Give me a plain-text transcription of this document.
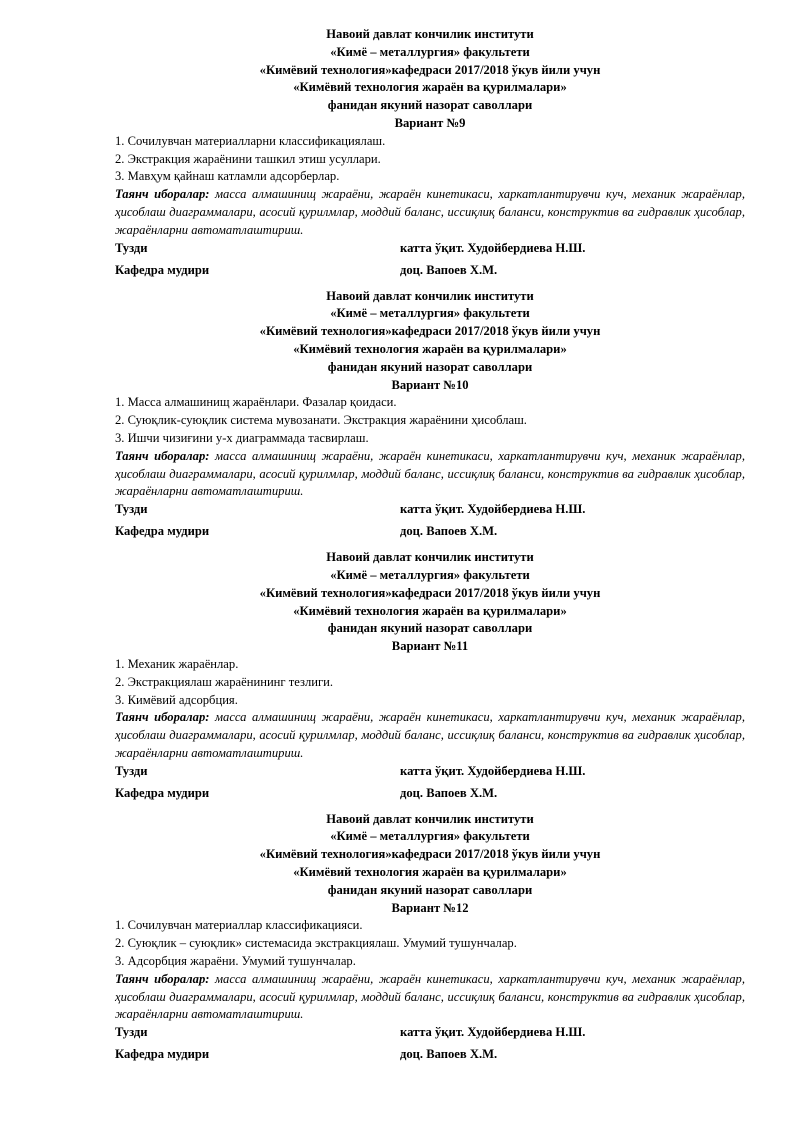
Навоий давлат кончилик институти
«Кимё – металлургия» факультети
«Кимёвий технология»кафедраси 2017/2018 ўкув йили учун
«Кимёвий технология жараён ва қурилмалари»
фанидан якуний назорат саволлари
Вариант №9
1. Сочилувчан материалларни классификациялаш.
2. Экстракция жараёнини ташкил этиш усуллари.
3. Мавҳум қайнаш катламли адсорберлар.
Таянч иборалар: масса алмашинищ жараёни, жараён кинетикаси, харкатлантирувчи куч, механик жараёнлар, ҳисоблаш диаграммалари, асосий қурилмлар, моддий баланс, иссиқлиқ баланси, конструктив ва гидравлик ҳисоблар, жараёнларни автоматлаштириш.
Тузди	катта ўқит. Худойбердиева Н.Ш.
Кафедра мудири	доц. Вапоев Х.М.
Навоий давлат кончилик институти
«Кимё – металлургия» факультети
«Кимёвий технология»кафедраси 2017/2018 ўкув йили учун
«Кимёвий технология жараён ва қурилмалари»
фанидан якуний назорат саволлари
Вариант №10
1. Масса алмашинищ жараёнлари. Фазалар қоидаси.
2. Суюқлик-суюқлик система мувозанати. Экстракция жараёнини ҳисоблаш.
3. Ишчи чизиғини у-х диаграммада тасвирлаш.
Таянч иборалар: масса алмашинищ жараёни, жараён кинетикаси, харкатлантирувчи куч, механик жараёнлар, ҳисоблаш диаграммалари, асосий қурилмлар, моддий баланс, иссиқлиқ баланси, конструктив ва гидравлик ҳисоблар, жараёнларни автоматлаштириш.
Тузди	катта ўқит. Худойбердиева Н.Ш.
Кафедра мудири	доц. Вапоев Х.М.
Навоий давлат кончилик институти
«Кимё – металлургия» факультети
«Кимёвий технология»кафедраси 2017/2018 ўкув йили учун
«Кимёвий технология жараён ва қурилмалари»
фанидан якуний назорат саволлари
Вариант №11
1. Механик жараёнлар.
2. Экстракциялаш жараёнининг тезлиги.
3. Кимёвий адсорбция.
Таянч иборалар: масса алмашинищ жараёни, жараён кинетикаси, харкатлантирувчи куч, механик жараёнлар, ҳисоблаш диаграммалари, асосий қурилмлар, моддий баланс, иссиқлиқ баланси, конструктив ва гидравлик ҳисоблар, жараёнларни автоматлаштириш.
Тузди	катта ўқит. Худойбердиева Н.Ш.
Кафедра мудири	доц. Вапоев Х.М.
Навоий давлат кончилик институти
«Кимё – металлургия» факультети
«Кимёвий технология»кафедраси 2017/2018 ўкув йили учун
«Кимёвий технология жараён ва қурилмалари»
фанидан якуний назорат саволлари
Вариант №12
1. Сочилувчан материаллар классификацияси.
2. Суюқлик – суюқлик» системасида экстракциялаш. Умумий тушунчалар.
3. Адсорбция жараёни. Умумий тушунчалар.
Таянч иборалар: масса алмашинищ жараёни, жараён кинетикаси, харкатлантирувчи куч, механик жараёнлар, ҳисоблаш диаграммалари, асосий қурилмлар, моддий баланс, иссиқлиқ баланси, конструктив ва гидравлик ҳисоблар, жараёнларни автоматлаштириш.
Тузди	катта ўқит. Худойбердиева Н.Ш.
Кафедра мудири	доц. Вапоев Х.М.
